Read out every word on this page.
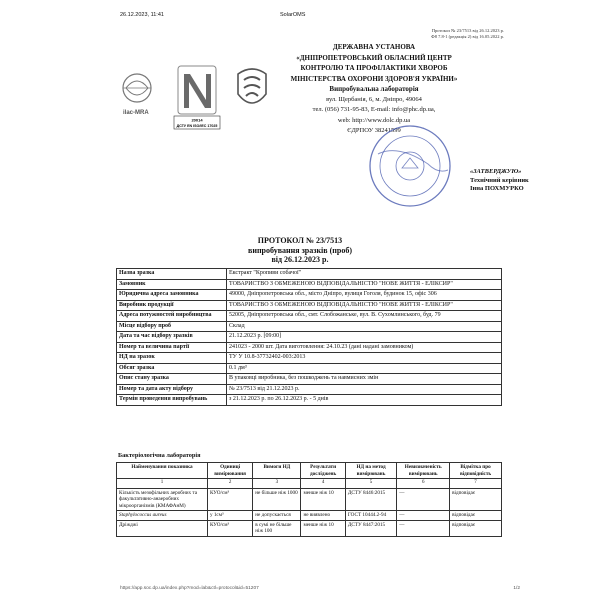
26.12.2023, 11:41	SolarOMS
Протокол № 23/7513 від 26.12.2023 р.
Ф8 7.8-1 (редакція 2) від 16.05.2022 р.
ilac-MRA
20014
ДСТУ EN ISO/IEC 17025
ДЕРЖАВНА УСТАНОВА
«ДНІПРОПЕТРОВСЬКИЙ ОБЛАСНИЙ ЦЕНТР
КОНТРОЛЮ ТА ПРОФІЛАКТИКИ ХВОРОБ
МІНІСТЕРСТВА ОХОРОНИ ЗДОРОВ'Я УКРАЇНИ»
Випробувальна лабораторія
вул. Щербанія, 6, м. Дніпро, 49064
тел. (056) 731-95-83, E-mail: info@phc.dp.ua,
web: http://www.dolc.dp.ua
ЄДРПОУ 38241599
«ЗАТВЕРДЖУЮ»
Технічний керівник
Інна ПОХМУРКО
ПРОТОКОЛ № 23/7513
випробування зразків (проб)
від 26.12.2023 р.
Назва зразка	Екстракт "Кропиви собачої"
Замовник	ТОВАРИСТВО З ОБМЕЖЕНОЮ ВІДПОВІДАЛЬНІСТЮ "НОВЕ ЖИТТЯ - ЕЛІКСИР"
Юридична адреса замовника	49000, Дніпропетровська обл., місто Дніпро, вулиця Гоголя, будинок 15, офіс 306
Виробник продукції	ТОВАРИСТВО З ОБМЕЖЕНОЮ ВІДПОВІДАЛЬНІСТЮ "НОВЕ ЖИТТЯ - ЕЛІКСИР"
Адреса потужностей виробництва	52005, Дніпропетровська обл., смт. Слобожанське, вул. В. Сухомлинського, буд. 79
Місце відбору проб	Склад
Дата та час відбору зразків	21.12.2023 р. [09:00]
Номер та величина партії	241023 - 2000 шт. Дата виготовлення: 24.10.23 (дані надані замовником)
НД на зразок	ТУ У 10.8-37732402-003:2013
Обсяг зразка	0.1 дм³
Опис стану зразка	В упаковці виробника, без пошкоджень та навмисних змін
Номер та дата акту відбору	№ 23/7513 від 21.12.2023 р.
Термін проведення випробувань	з 21.12.2023 р. по 26.12.2023 р. - 5 днів
Бактеріологічна лабораторія
Найменування показника	Одиниці вимірювання	Вимоги НД	Результати досліджень	НД на метод вимірювань	Невизначеність вимірювань	Відмітка про відповідність
1	2	3	4	5	6	7
Кількість мезофільних аеробних та факультативно-анаеробних мікроорганізмів (КМАФАнМ)	КУО/см³	не більше ніж 1000	менше ніж 10	ДСТУ 8446:2015	—	відповідає
Staphylococcus aureus	у 1см³	не допускається	не виявлено	ГОСТ 10444.2-94	—	відповідає
Дріжджі	КУО/см³	в сумі не більше ніж 100	менше ніж 10	ДСТУ 8447:2015	—	відповідає
https://app.soc.dp.ua/index.php?mod=lab&ctl=protocol&id=51207	1/2
